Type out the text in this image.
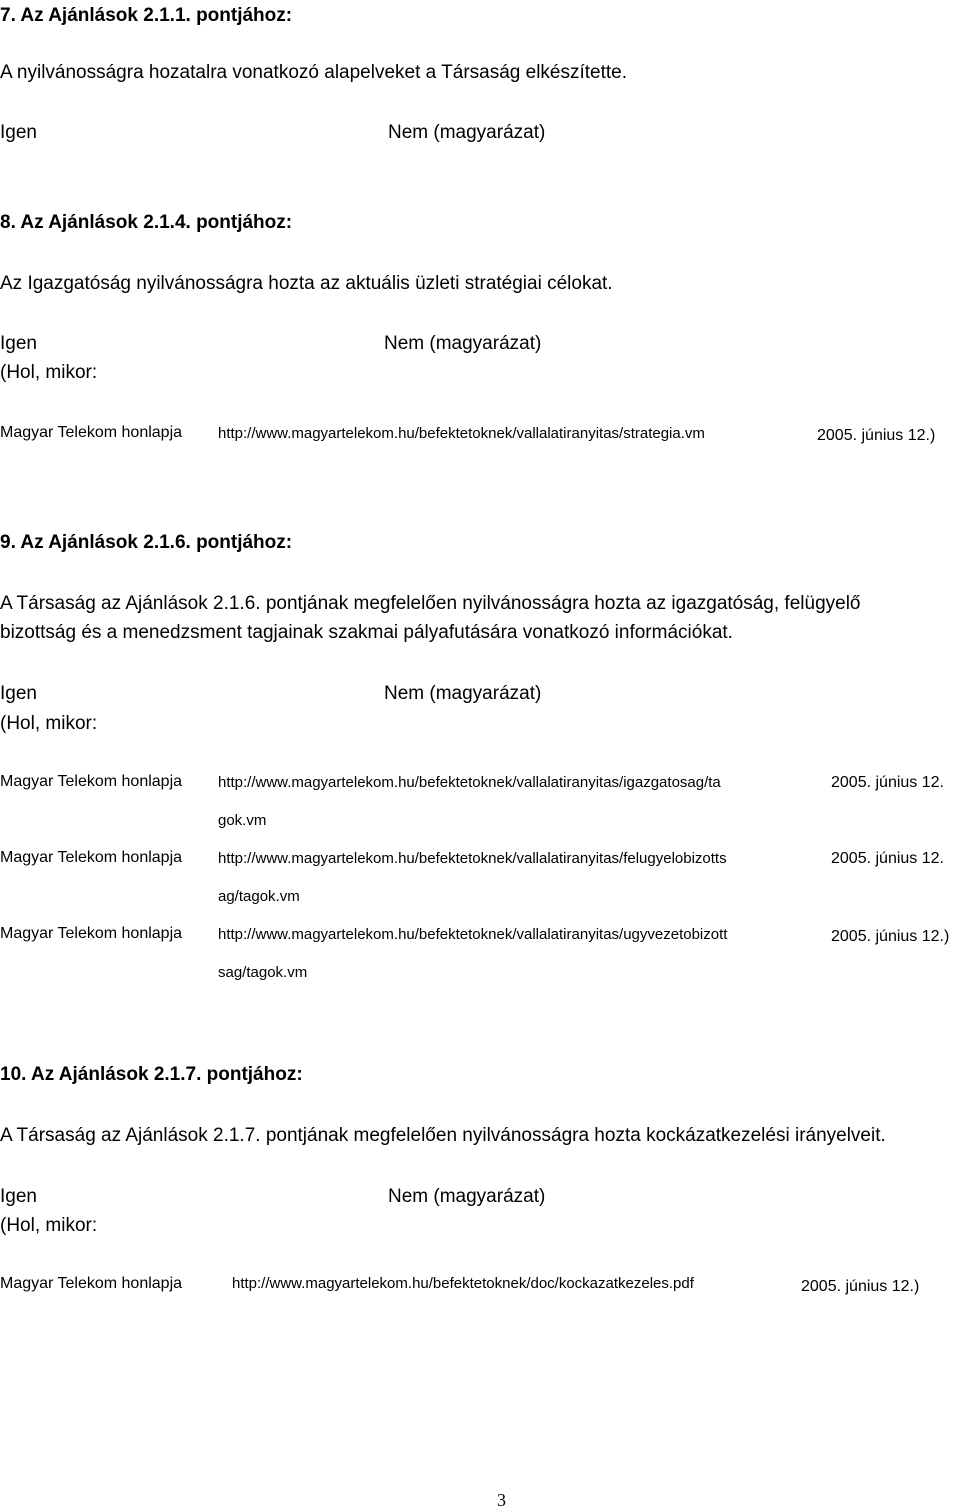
7. Az Ajánlások 2.1.1. pontjához:

A nyilvánosságra hozatalra vonatkozó alapelveket a Társaság elkészítette.

Igen	Nem (magyarázat)

8. Az Ajánlások 2.1.4. pontjához:

Az Igazgatóság nyilvánosságra hozta az aktuális üzleti stratégiai célokat.

Igen	Nem (magyarázat)
(Hol, mikor:
Magyar Telekom honlapja http://www.magyartelekom.hu/befektetoknek/vallalatiranyitas/strategia.vm	2005. június 12.)

9. Az Ajánlások 2.1.6. pontjához:

A Társaság az Ajánlások 2.1.6. pontjának megfelelően nyilvánosságra hozta az igazgatóság, felügyelő

bizottság és a menedzsment tagjainak szakmai pályafutására vonatkozó információkat.

Igen	Nem (magyarázat)
(Hol, mikor:
Magyar Telekom honlapja http://www.magyartelekom.hu/befektetoknek/vallalatiranyitas/igazgatosag/ta
gok.vm
2005. június 12.
Magyar Telekom honlapja http://www.magyartelekom.hu/befektetoknek/vallalatiranyitas/felugyelobizotts
ag/tagok.vm
2005. június 12.
Magyar Telekom honlapja http://www.magyartelekom.hu/befektetoknek/vallalatiranyitas/ugyvezetobizott
sag/tagok.vm
2005. június 12.)

10. Az Ajánlások 2.1.7. pontjához:

A Társaság az Ajánlások 2.1.7. pontjának megfelelően nyilvánosságra hozta kockázatkezelési irányelveit.

Igen	Nem (magyarázat)
(Hol, mikor:
Magyar Telekom honlapja	http://www.magyartelekom.hu/befektetoknek/doc/kockazatkezeles.pdf	2005. június 12.)
3
